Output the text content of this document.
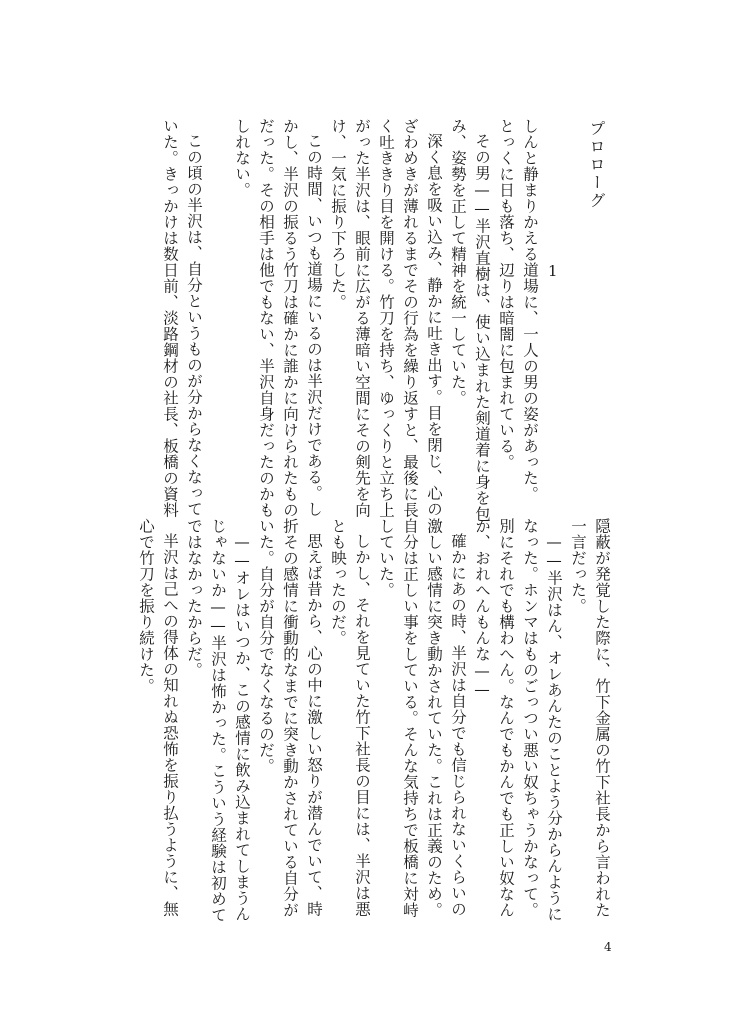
プロローグ

1

しんと静まりかえる道場に、一人の男の姿があった。

とっくに日も落ち、辺りは暗闇に包まれている。

その男——半沢直樹は、使い込まれた剣道着に身を包

み、姿勢を正して精神を統一していた。

深く息を吸い込み、静かに吐き出す。目を閉じ、心の

ざわめきが薄れるまでその行為を繰り返すと、最後に長

く吐ききり目を開ける。竹刀を持ち、ゆっくりと立ち上

がった半沢は、眼前に広がる薄暗い空間にその剣先を向

け、一気に振り下ろした。

この時間、いつも道場にいるのは半沢だけである。し

かし、半沢の振るう竹刀は確かに誰かに向けられたもの

だった。その相手は他でもない、半沢自身だったのかも

しれない。

この頃の半沢は、自分というものが分からなくなって

いた。きっかけは数日前、淡路鋼材の社長、板橋の資料

隠蔽が発覚した際に、竹下金属の竹下社長から言われた

一言だった。

——半沢はん、オレあんたのことよう分からんように

なった。ホンマはものごっつい悪い奴ちゃうかなって。

別にそれでも構わへん。なんでもかんでも正しい奴なん

か、おれへんもんな——

確かにあの時、半沢は自分でも信じられないくらいの

激しい感情に突き動かされていた。これは正義のため。

自分は正しい事をしている。そんな気持ちで板橋に対峙

していた。

しかし、それを見ていた竹下社長の目には、半沢は悪

とも映ったのだ。

思えば昔から、心の中に激しい怒りが潜んでいて、時

折その感情に衝動的なまでに突き動かされている自分が

いた。自分が自分でなくなるのだ。

——オレはいつか、この感情に飲み込まれてしまうん

じゃないか——半沢は怖かった。こういう経験は初めて

ではなかったからだ。

半沢は己への得体の知れぬ恐怖を振り払うように、無

心で竹刀を振り続けた。

4
